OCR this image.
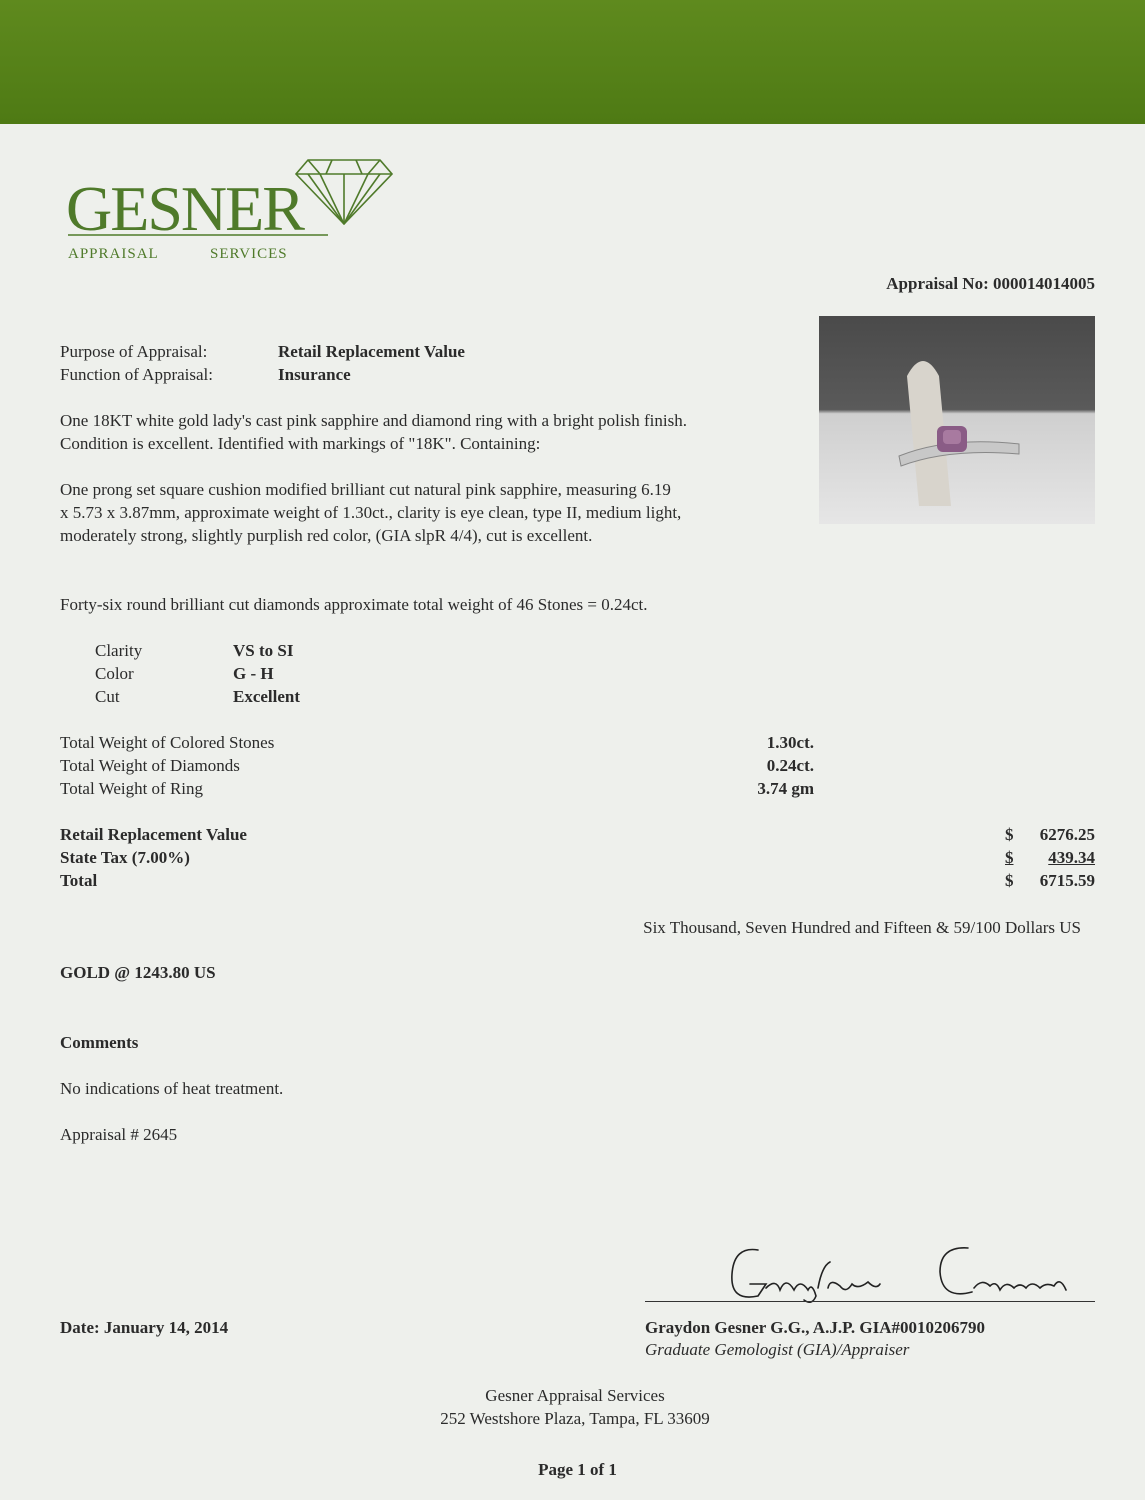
GESNER
APPRAISAL	SERVICES
Appraisal No: 000014014005
Purpose of Appraisal:	Retail Replacement Value
Function of Appraisal:	Insurance
One 18KT white gold lady's cast pink sapphire and diamond ring with a bright polish finish.
Condition is excellent. Identified with markings of "18K". Containing:
One prong set square cushion modified brilliant cut natural pink sapphire, measuring 6.19
x 5.73 x 3.87mm, approximate weight of 1.30ct., clarity is eye clean, type II, medium light,
moderately strong, slightly purplish red color, (GIA slpR 4/4), cut is excellent.
Forty-six round brilliant cut diamonds approximate total weight of 46 Stones = 0.24ct.
Clarity	VS to SI
Color	G - H
Cut	Excellent
Total Weight of Colored Stones	1.30ct.
Total Weight of Diamonds	0.24ct.
Total Weight of Ring	3.74 gm
Retail Replacement Value	$	6276.25
State Tax (7.00%)	$	439.34
Total	$	6715.59
Six Thousand, Seven Hundred and Fifteen & 59/100 Dollars US
GOLD @ 1243.80 US
Comments
No indications of heat treatment.
Appraisal # 2645
Date: January 14, 2014	Graydon Gesner G.G., A.J.P. GIA#0010206790
Graduate Gemologist (GIA)/Appraiser
Gesner Appraisal Services
252 Westshore Plaza, Tampa, FL 33609
Page 1 of 1
